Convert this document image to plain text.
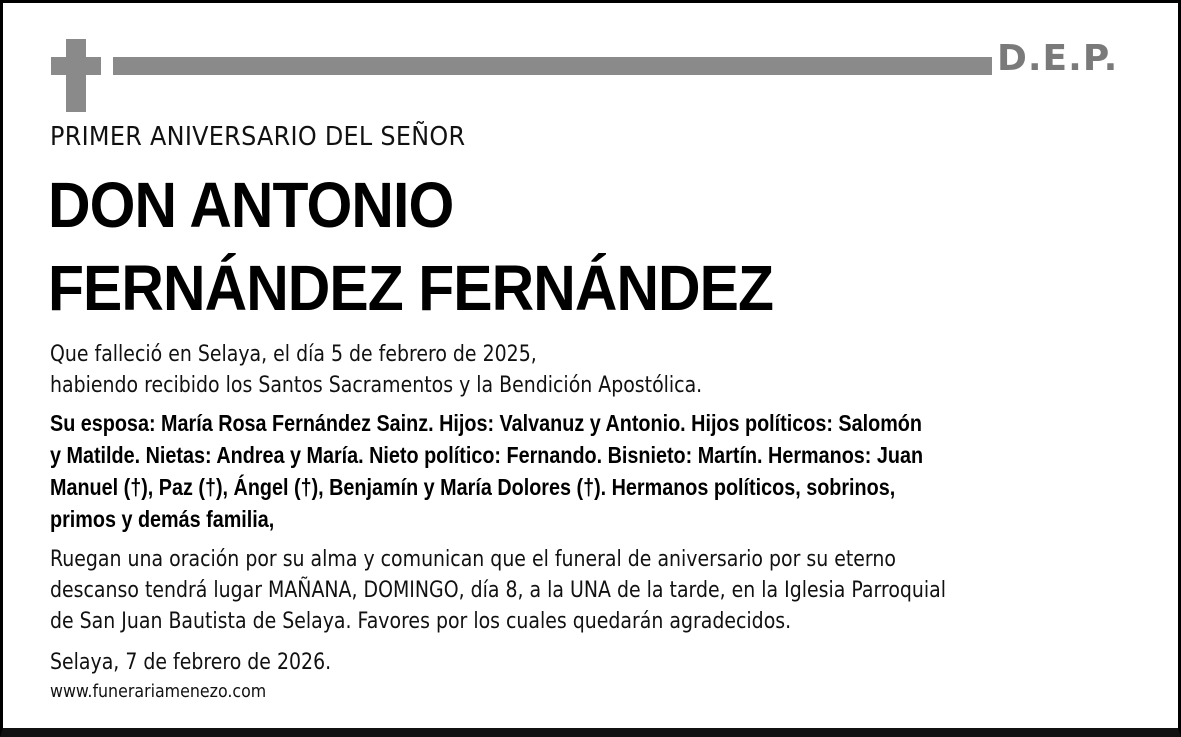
D.E.P.
PRIMER ANIVERSARIO DEL SEÑOR
DON ANTONIO
FERNÁNDEZ FERNÁNDEZ
Que falleció en Selaya, el día 5 de febrero de 2025,
habiendo recibido los Santos Sacramentos y la Bendición Apostólica.
Su esposa: María Rosa Fernández Sainz. Hijos: Valvanuz y Antonio. Hijos políticos: Salomón
y Matilde. Nietas: Andrea y María. Nieto político: Fernando. Bisnieto: Martín. Hermanos: Juan
Manuel (†), Paz (†), Ángel (†), Benjamín y María Dolores (†). Hermanos políticos, sobrinos,
primos y demás familia,
Ruegan una oración por su alma y comunican que el funeral de aniversario por su eterno
descanso tendrá lugar MAÑANA, DOMINGO, día 8, a la UNA de la tarde, en la Iglesia Parroquial
de San Juan Bautista de Selaya. Favores por los cuales quedarán agradecidos.
Selaya, 7 de febrero de 2026.
www.funerariamenezo.com
